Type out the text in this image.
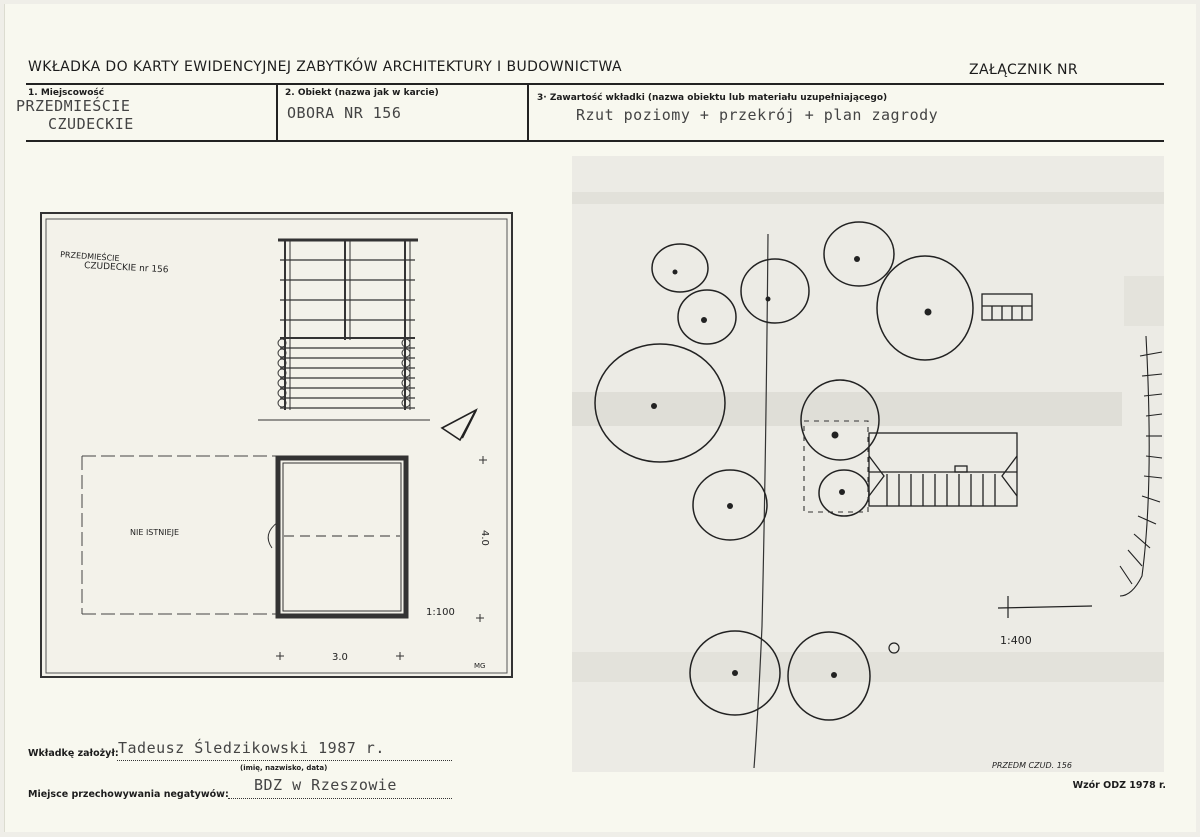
WKŁADKA DO KARTY EWIDENCYJNEJ ZABYTKÓW ARCHITEKTURY I BUDOWNICTWA	ZAŁĄCZNIK NR
1. Miejscowość
PRZEDMIEŚCIE
CZUDECKIE
2. Obiekt (nazwa jak w karcie)
OBORA NR 156
3· Zawartość wkładki (nazwa obiektu lub materiału uzupełniającego)
Rzut poziomy + przekrój + plan zagrody
PRZEDMIEŚCIE
CZUDECKIE nr 156
NIE ISTNIEJE
3.0
4.0
1:100
MG
1:400
PRZEDM CZUD. 156
Wkładkę założył: Tadeusz Śledzikowski 1987 r.
(imię, nazwisko, data)
Miejsce przechowywania negatywów:
BDZ w Rzeszowie	Wzór ODZ 1978 r.
